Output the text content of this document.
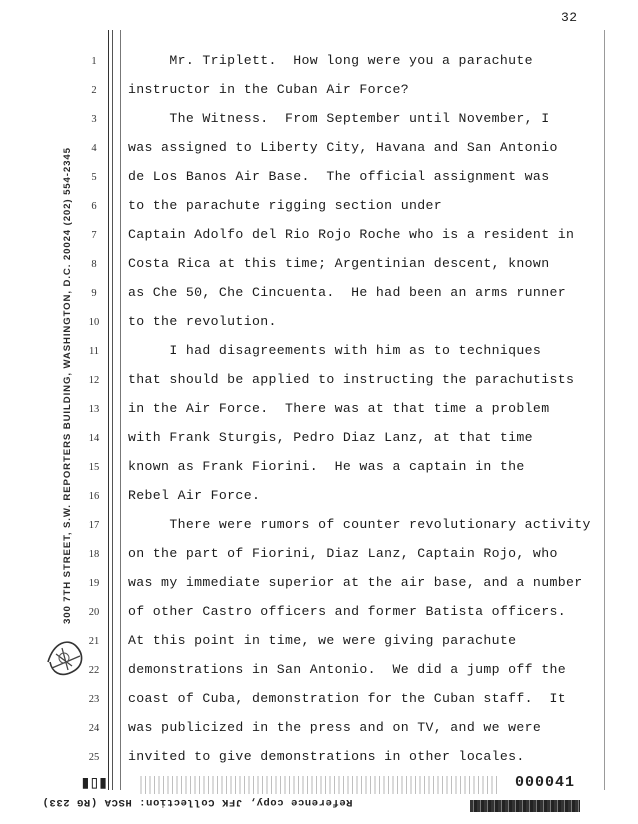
32
300 7TH STREET, S.W. REPORTERS BUILDING, WASHINGTON, D.C. 20024 (202) 554-2345
1
2
3
4
5
6
7
8
9
10
11
12
13
14
15
16
17
18
19
20
21
22
23
24
25
Mr. Triplett.  How long were you a parachute
instructor in the Cuban Air Force?
The Witness.  From September until November, I
was assigned to Liberty City, Havana and San Antonio
de Los Banos Air Base.  The official assignment was
to the parachute rigging section under
Captain Adolfo del Rio Rojo Roche who is a resident in
Costa Rica at this time; Argentinian descent, known
as Che 50, Che Cincuenta.  He had been an arms runner
to the revolution.
I had disagreements with him as to techniques
that should be applied to instructing the parachutists
in the Air Force.  There was at that time a problem
with Frank Sturgis, Pedro Diaz Lanz, at that time
known as Frank Fiorini.  He was a captain in the
Rebel Air Force.
There were rumors of counter revolutionary activity
on the part of Fiorini, Diaz Lanz, Captain Rojo, who
was my immediate superior at the air base, and a number
of other Castro officers and former Batista officers.
At this point in time, we were giving parachute
demonstrations in San Antonio.  We did a jump off the
coast of Cuba, demonstration for the Cuban staff.  It
was publicized in the press and on TV, and we were
invited to give demonstrations in other locales.
▮▯▮	000041
Reference copy, JFK Collection: HSCA (RG 233)
